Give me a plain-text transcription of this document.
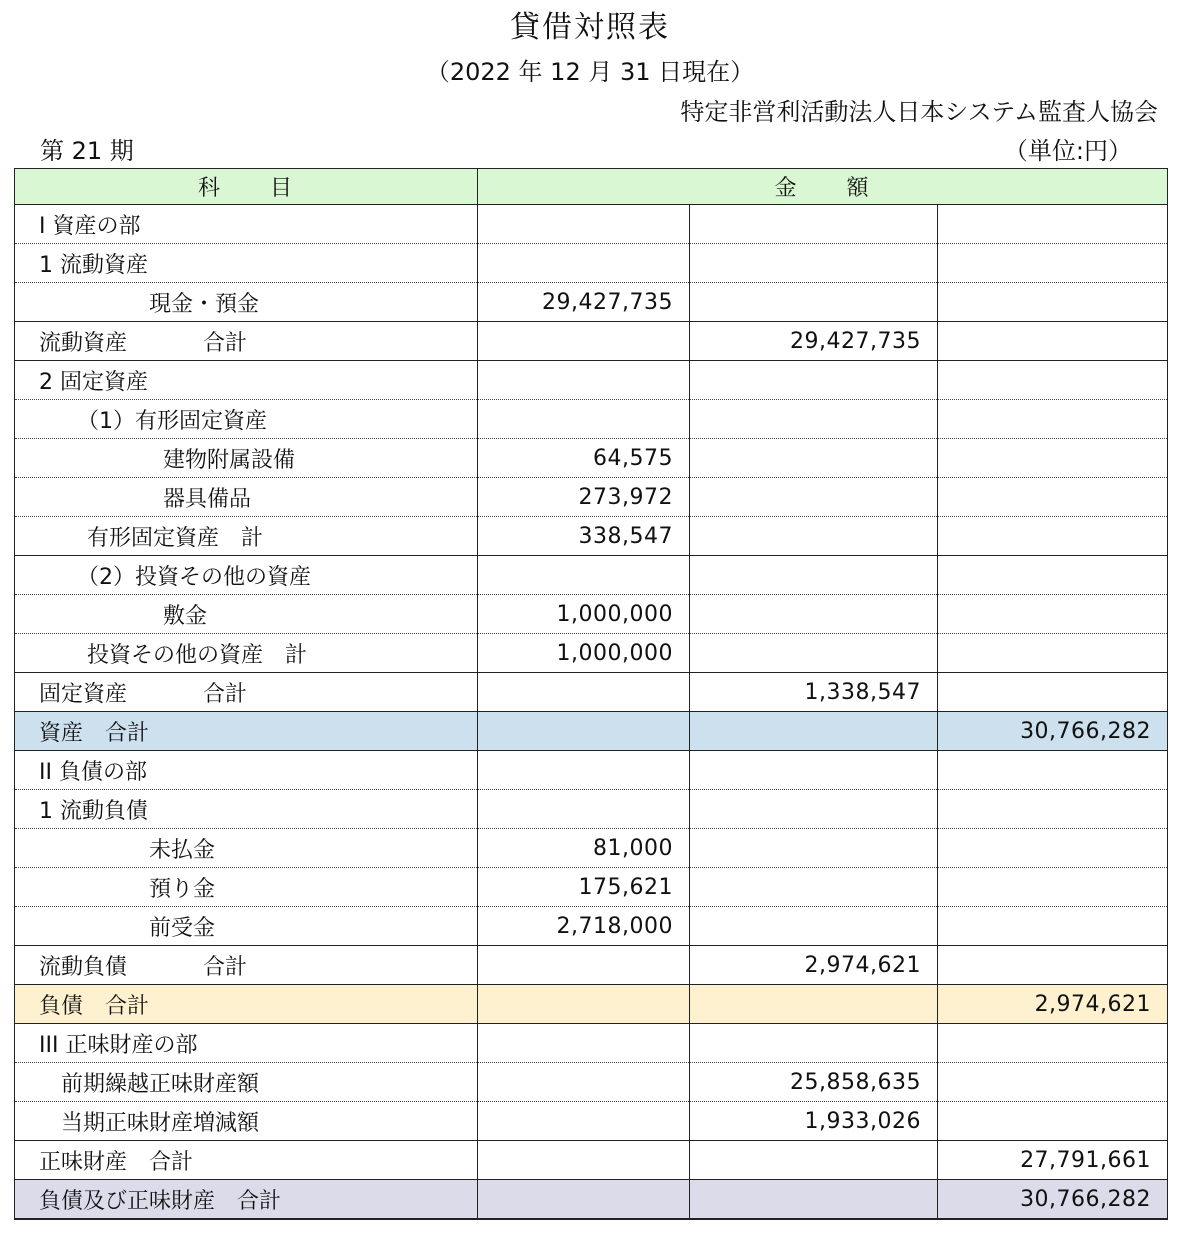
貸借対照表
（2022 年 12 月 31 日現在）
特定非営利活動法人日本システム監査人協会
第 21 期	（単位:円）
科　　目	金　　額		
I 資産の部			
1 流動資産			
現金・預金	29,427,735		
流動資産 合計		29,427,735	
2 固定資産			
（1）有形固定資産			
建物附属設備	64,575		
器具備品	273,972		
有形固定資産　計	338,547		
（2）投資その他の資産			
敷金	1,000,000		
投資その他の資産　計	1,000,000		
固定資産 合計		1,338,547	
資産　合計			30,766,282
II 負債の部			
1 流動負債			
未払金	81,000		
預り金	175,621		
前受金	2,718,000		
流動負債 合計		2,974,621	
負債　合計			2,974,621
III 正味財産の部			
前期繰越正味財産額		25,858,635	
当期正味財産増減額		1,933,026	
正味財産　合計			27,791,661
負債及び正味財産　合計			30,766,282
